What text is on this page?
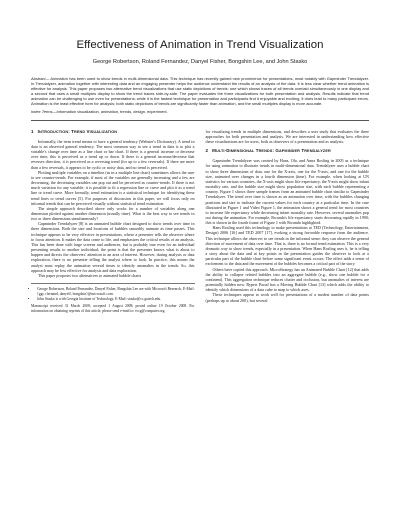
Effectiveness of Animation in Trend Visualization
George Robertson, Roland Fernandez, Danyel Fisher, Bongshin Lee, and John Stasko
Abstract— Animation has been used to show trends in multi-dimensional data. This technique has recently gained new prominence for presentations, most notably with Gapminder Trendalyzer. In Trendalyzer, animation together with interesting data and an engaging presenter helps the audience understand the results of an analysis of the data. It is less clear whether trend animation is effective for analysis. This paper proposes two alternative trend visualizations that use static depictions of trends: one which shows traces of all trends overlaid simultaneously in one display and a second that uses a small multiples display to show the trend traces side-by-side. The paper evaluates the three visualizations for both presentation and analysis. Results indicate that trend animation can be challenging to use even for presentations; while it is the fastest technique for presentation and participants find it enjoyable and exciting, it does lead to many participant errors. Animation is the least effective form for analysis; both static depictions of trends are significantly faster than animation, and the small multiples display is more accurate.
Index Terms—Information visualization, animation, trends, design, experiment.
1 INTRODUCTION: TREND VISUALIZATION

Informally, the term trend means to have a general tendency (Webster's Dictionary). A trend in data is an observed general tendency. The most common way to see a trend in data is to plot a variable's change over time as a line chart or bar chart. If there is a general increase or decrease over time, this is perceived as a trend up or down. If there is a general increase/decrease that reverses direction, it is perceived as a reversing trend (for up to a few reversals). If there are more than a few reversals, it appears to be cyclic or noisy data, and no trend is perceived.

Plotting multiple variables on a timeline (as in a multiple line chart) sometimes allows the user to see counter-trends. For example, if most of the variables are generally increasing and a few are decreasing, the decreasing variables can pop out and be perceived as counter-trends. If there is not much variation for any variable, it is possible to fit a regression line or curve and plot it as a trend line or trend curve. More formally, trend estimation is a statistical technique for identifying these trend lines or trend curves [5]. For purposes of discussion in this paper, we will focus only on informal trends that can be perceived visually without statistical trend estimation.

The simple approach described above only works for a number of variables along one dimension plotted against another dimension (usually time). What is the best way to see trends in two or three dimensions simultaneously?

Gapminder Trendalyzer [8] is an animated bubble chart designed to show trends over time in three dimensions. Both the size and locations of bubbles smoothly animate as time passes. This technique appears to be very effective in presentations, where a presenter tells the observer where to focus attention. It makes the data come to life, and emphasizes the critical results of an analysis. This has been done with large screens and audiences, but is probably true even for an individual presenting results to another individual; the point is that the presenter knows what is about to happen and directs the observers' attention to an area of interest. However, during analysis or data exploration, there is no presenter telling the analyst where to look. In practice, this means the analyst must replay the animation several times to identify anomalies in the trends. So, this approach may be less effective for analysis and data exploration.

This paper proposes two alternatives to animated bubble charts

• George Robertson, Roland Fernandez, Danyel Fisher, Bongshin Lee are with Microsoft Research, E-Mail: {ggr, rfernand, danyelf, bongshin}@microsoft.com.
• John Stasko is with Georgia Institute of Technology, E-Mail: stasko@cc.gatech.edu.

Manuscript received 31 March 2008; accepted 1 August 2008; posted online 19 October 2008. For information on obtaining reprints of this article, please send e-mail to: tvcg@computer.org.

for visualizing trends in multiple dimensions, and describes a user study that evaluates the three approaches for both presentation and analysis. We are interested in understanding how effective these visualizations are for users, both as observers of a presentation and as analysts.

2 MULTI-DIMENSIONAL TRENDS: GAPMINDER TRENDALYZER

Gapminder Trendalyzer was created by Hans, Ola, and Anna Rosling in 2005 as a technique for using animation to illustrate trends in multi-dimensional data. Trendalyzer uses a bubble chart to show three dimensions of data, one for the X-axis, one for the Y-axis, and one for the bubble size, animated over changes in a fourth dimension (time). For example, when looking at UN statistics for various countries, the X-axis might show life expectancy, the Y-axis might show infant mortality rate, and the bubble size might show population size, with each bubble representing a country. Figure 1 shows three sample frames from an animated bubble chart similar to Gapminder Trendalyzer. The trend over time is shown as an animation over time, with the bubbles changing positions and size to indicate the current values for each country at a particular time. In the case illustrated in Figure 1 and Video Figure 1, the animation shows a general trend for most countries to increase life expectancy while decreasing infant mortality rate. However, several anomalies pop out during the animation. For example, Rwanda's life expectancy starts decreasing rapidly in 1990; this is shown in the fourth frame of Figure 1 with Rwanda highlighted.

Hans Rosling used this technology to make presentations at TED (Technology, Entertainment, Design) 2006 [16] and TED 2007 [17], evoking a strong favorable response from the audience. This technique allows the observer to see trends in the informal sense: they can observe the general direction of movement of data over time. That is, there is no formal trend estimation. This is a very dramatic way to show trends, especially in a presentation. When Hans Rosling uses it, he is telling a story about the data and at key points in the presentation guides the observer to look at a particular part of the bubble chart before some significant event occurs. The effect adds a sense of excitement to the data and the movement of the bubbles becomes a critical part of the story.

Others have copied this approach. MicroStrategy has an Animated Bubble Chart [12] that adds the ability to collapse related bubbles into an aggregate bubble (e.g., show one bubble for a continent). This aggregation technique reduces clutter and occlusion, but anomalies of interest are potentially hidden now. Rypert Portal has a Moving Bubble Chart [13] which adds the ability to identify which dimensions of a data cube to map to which axes.

These techniques appear to work well for presentations of a modest number of data points (perhaps up to about 200), but several
